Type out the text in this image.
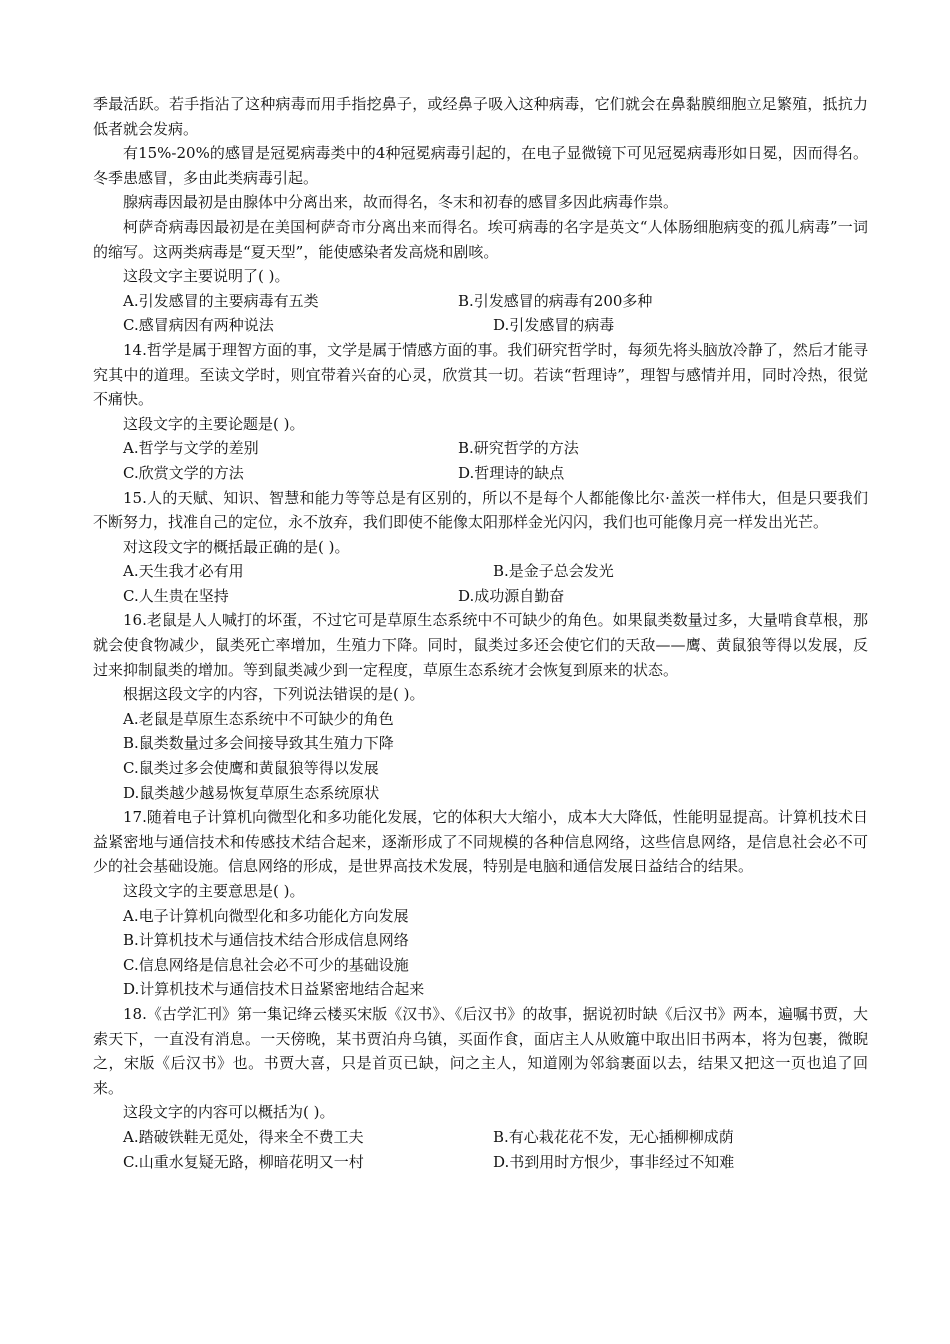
季最活跃。若手指沾了这种病毒而用手指挖鼻子，或经鼻子吸入这种病毒，它们就会在鼻黏膜细胞立足繁殖，抵抗力低者就会发病。

有15%-20%的感冒是冠冕病毒类中的4种冠冕病毒引起的，在电子显微镜下可见冠冕病毒形如日冕，因而得名。冬季患感冒，多由此类病毒引起。

腺病毒因最初是由腺体中分离出来，故而得名，冬末和初春的感冒多因此病毒作祟。

柯萨奇病毒因最初是在美国柯萨奇市分离出来而得名。埃可病毒的名字是英文“人体肠细胞病变的孤儿病毒”一词的缩写。这两类病毒是“夏天型”，能使感染者发高烧和剧咳。

这段文字主要说明了( )。

A.引发感冒的主要病毒有五类	B.引发感冒的病毒有200多种

C.感冒病因有两种说法	D.引发感冒的病毒

14.哲学是属于理智方面的事，文学是属于情感方面的事。我们研究哲学时，每须先将头脑放冷静了，然后才能寻究其中的道理。至读文学时，则宜带着兴奋的心灵，欣赏其一切。若读“哲理诗”，理智与感情并用，同时冷热，很觉不痛快。

这段文字的主要论题是( )。

A.哲学与文学的差别	B.研究哲学的方法

C.欣赏文学的方法	D.哲理诗的缺点

15.人的天赋、知识、智慧和能力等等总是有区别的，所以不是每个人都能像比尔·盖茨一样伟大，但是只要我们不断努力，找准自己的定位，永不放弃，我们即使不能像太阳那样金光闪闪，我们也可能像月亮一样发出光芒。

对这段文字的概括最正确的是( )。

A.天生我才必有用	B.是金子总会发光

C.人生贵在坚持	D.成功源自勤奋

16.老鼠是人人喊打的坏蛋，不过它可是草原生态系统中不可缺少的角色。如果鼠类数量过多，大量啃食草根，那就会使食物减少，鼠类死亡率增加，生殖力下降。同时，鼠类过多还会使它们的天敌——鹰、黄鼠狼等得以发展，反过来抑制鼠类的增加。等到鼠类减少到一定程度，草原生态系统才会恢复到原来的状态。

根据这段文字的内容，下列说法错误的是( )。

A.老鼠是草原生态系统中不可缺少的角色

B.鼠类数量过多会间接导致其生殖力下降

C.鼠类过多会使鹰和黄鼠狼等得以发展

D.鼠类越少越易恢复草原生态系统原状

17.随着电子计算机向微型化和多功能化发展，它的体积大大缩小，成本大大降低，性能明显提高。计算机技术日益紧密地与通信技术和传感技术结合起来，逐渐形成了不同规模的各种信息网络，这些信息网络，是信息社会必不可少的社会基础设施。信息网络的形成，是世界高技术发展，特别是电脑和通信发展日益结合的结果。

这段文字的主要意思是( )。

A.电子计算机向微型化和多功能化方向发展

B.计算机技术与通信技术结合形成信息网络

C.信息网络是信息社会必不可少的基础设施

D.计算机技术与通信技术日益紧密地结合起来

18.《古学汇刊》第一集记绛云楼买宋版《汉书》、《后汉书》的故事，据说初时缺《后汉书》两本，遍嘱书贾，大索天下，一直没有消息。一天傍晚，某书贾泊舟乌镇，买面作食，面店主人从败簏中取出旧书两本，将为包裹，微睨之，宋版《后汉书》也。书贾大喜，只是首页已缺，问之主人，知道刚为邻翁裹面以去，结果又把这一页也追了回来。

这段文字的内容可以概括为( )。

A.踏破铁鞋无觅处，得来全不费工夫	B.有心栽花花不发，无心插柳柳成荫

C.山重水复疑无路，柳暗花明又一村	D.书到用时方恨少，事非经过不知难
